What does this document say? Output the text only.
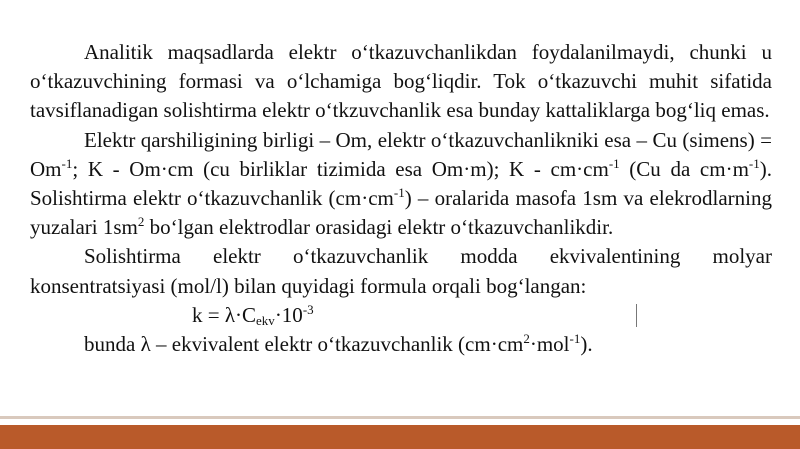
Analitik maqsadlarda elektr o‘tkazuvchanlikdan foydalanilmaydi, chunki u o‘tkazuvchining formasi va o‘lchamiga bog‘liqdir. Tok o‘tkazuvchi muhit sifatida tavsiflanadigan solishtirma elektr o‘tkzuvchanlik esa bunday kattaliklarga bog‘liq emas.

Elektr qarshiligining birligi – Om, elektr o‘tkazuvchanlikniki esa – Cu (simens) = $Om^{-1}$; K - Om·cm (cu birliklar tizimida esa Om·m); $K - cm\cdot cm^{-1}$ (Cu da $cm\cdot m^{-1}$). Solishtirma elektr o‘tkazuvchanlik $(cm\cdot cm^{-1})$ – oralarida masofa 1sm va elekrodlarning yuzalari $1sm^2$ bo‘lgan elektrodlar orasidagi elektr o‘tkazuvchanlikdir.

Solishtirma elektr o‘tkazuvchanlik modda ekvivalentining molyar konsentratsiyasi (mol/l) bilan quyidagi formula orqali bog‘langan:

$k = \lambda\cdot C_{ekv}\cdot 10^{-3}$

bunda λ – ekvivalent elektr o‘tkazuvchanlik $(cm\cdot cm^2\cdot mol^{-1})$.
